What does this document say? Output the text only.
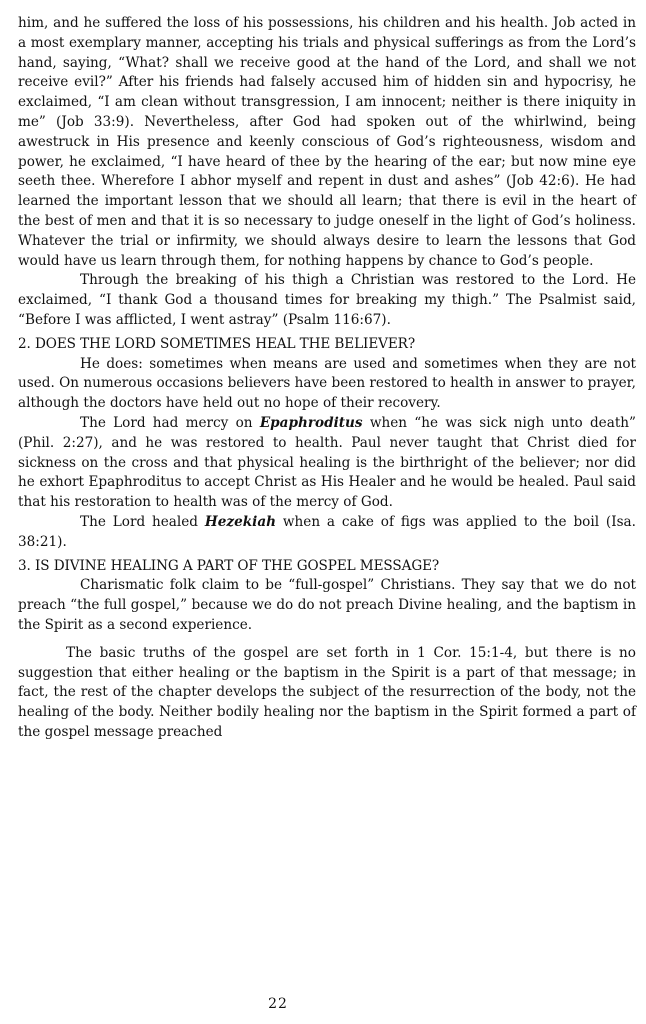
him, and he suffered the loss of his possessions, his children and his health. Job acted in a most exemplary manner, accepting his trials and physical sufferings as from the Lord’s hand, saying, “What? shall we receive good at the hand of the Lord, and shall we not receive evil?” After his friends had falsely accused him of hidden sin and hypocrisy, he exclaimed, “I am clean without transgression, I am innocent; neither is there iniquity in me” (Job 33:9). Nevertheless, after God had spoken out of the whirlwind, being awestruck in His presence and keenly conscious of God’s righteousness, wisdom and power, he exclaimed, “I have heard of thee by the hearing of the ear; but now mine eye seeth thee. Wherefore I abhor myself and repent in dust and ashes” (Job 42:6). He had learned the important lesson that we should all learn; that there is evil in the heart of the best of men and that it is so necessary to judge oneself in the light of God’s holiness. Whatever the trial or infirmity, we should always desire to learn the lessons that God would have us learn through them, for nothing happens by chance to God’s people.

Through the breaking of his thigh a Christian was restored to the Lord. He exclaimed, “I thank God a thousand times for breaking my thigh.” The Psalmist said, “Before I was afflicted, I went astray” (Psalm 116:67).

2. DOES THE LORD SOMETIMES HEAL THE BELIEVER?

He does: sometimes when means are used and sometimes when they are not used. On numerous occasions believers have been restored to health in answer to prayer, although the doctors have held out no hope of their recovery.

The Lord had mercy on Epaphroditus when “he was sick nigh unto death” (Phil. 2:27), and he was restored to health. Paul never taught that Christ died for sickness on the cross and that physical healing is the birthright of the believer; nor did he exhort Epaphroditus to accept Christ as His Healer and he would be healed. Paul said that his restoration to health was of the mercy of God.

The Lord healed Hezekiah when a cake of figs was applied to the boil (Isa. 38:21).

3. IS DIVINE HEALING A PART OF THE GOSPEL MESSAGE?

Charismatic folk claim to be “full-gospel” Christians. They say that we do not preach “the full gospel,” because we do do not preach Divine healing, and the baptism in the Spirit as a second experience.

The basic truths of the gospel are set forth in 1 Cor. 15:1-4, but there is no suggestion that either healing or the baptism in the Spirit is a part of that message; in fact, the rest of the chapter develops the subject of the resurrection of the body, not the healing of the body. Neither bodily healing nor the baptism in the Spirit formed a part of the gospel message preached

22
